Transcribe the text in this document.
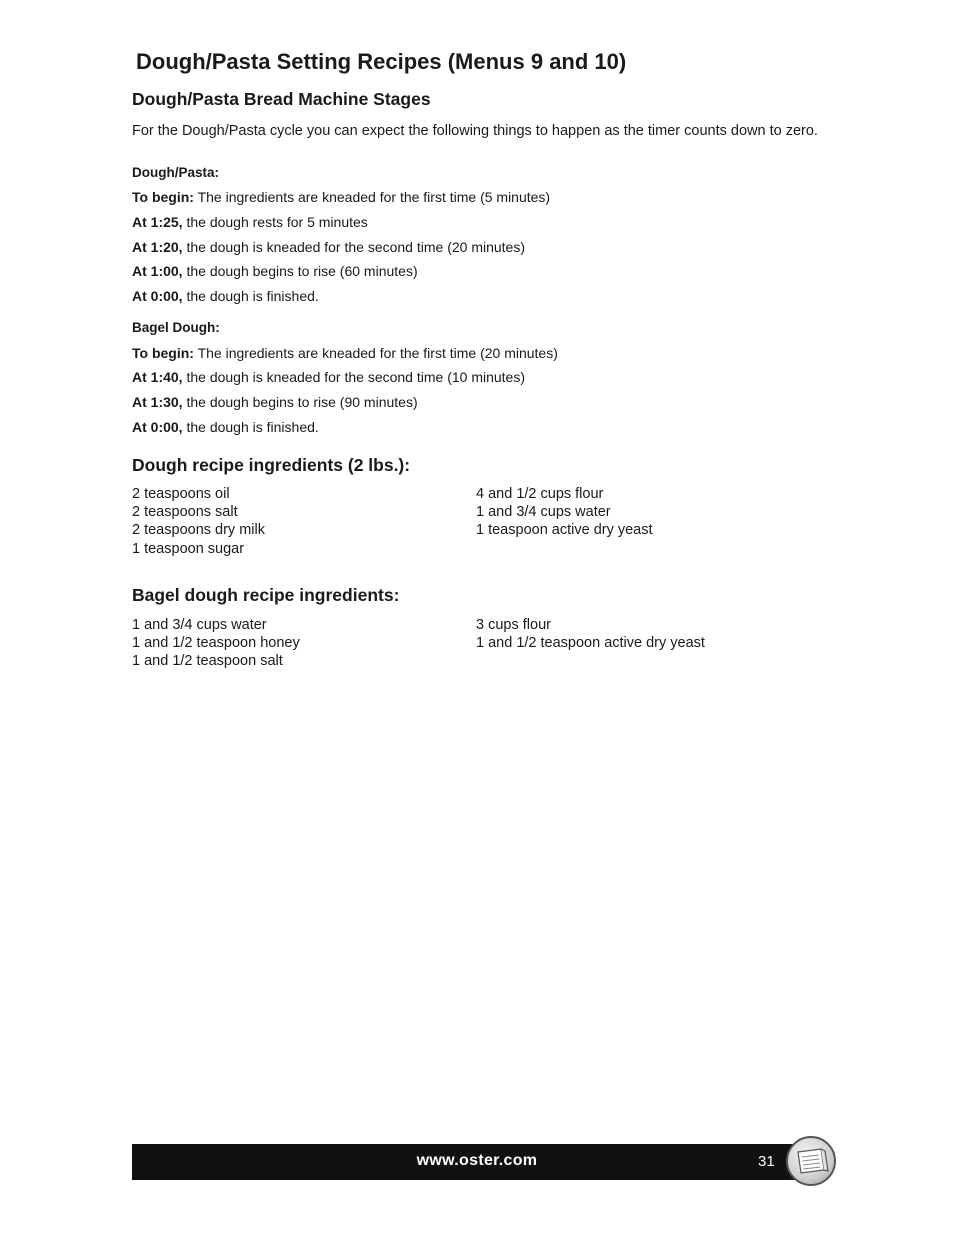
Dough/Pasta Setting Recipes (Menus 9 and 10)
Dough/Pasta Bread Machine Stages
For the Dough/Pasta cycle you can expect the following things to happen as the timer counts down to zero.
Dough/Pasta:
To begin: The ingredients are kneaded for the first time (5 minutes)
At 1:25, the dough rests for 5 minutes
At 1:20, the dough is kneaded for the second time (20 minutes)
At 1:00, the dough begins to rise (60 minutes)
At 0:00, the dough is finished.
Bagel Dough:
To begin: The ingredients are kneaded for the first time (20 minutes)
At 1:40, the dough is kneaded for the second time (10 minutes)
At 1:30, the dough begins to rise (90 minutes)
At 0:00, the dough is finished.
Dough recipe ingredients (2 lbs.):
2 teaspoons oil
2 teaspoons salt
2 teaspoons dry milk
1 teaspoon sugar
4 and 1/2 cups flour
1 and 3/4 cups water
1 teaspoon active dry yeast
Bagel dough recipe ingredients:
1 and 3/4 cups water
1 and 1/2 teaspoon honey
1 and 1/2 teaspoon salt
3 cups flour
1 and 1/2 teaspoon active dry yeast
www.oster.com	31
